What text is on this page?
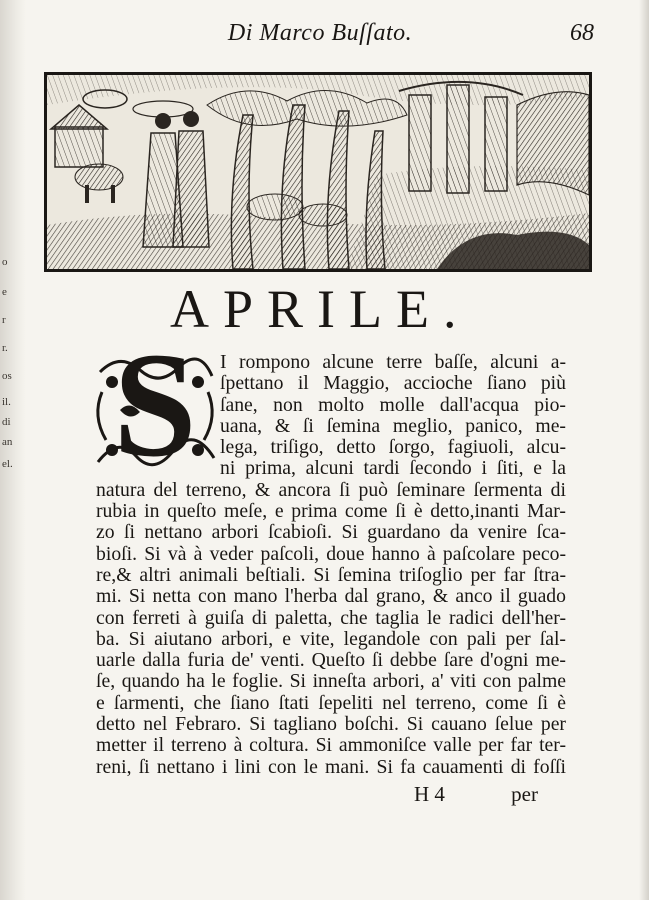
o
e
r
r.
os
il.
di
an
el.
Di Marco Buſſato.	68
APRILE.
S	I rompono alcune terre baſſe, alcuni a-
ſpettano il Maggio, accioche ſiano più
ſane, non molto molle dall'acqua pio-
uana, & ſi ſemina meglio, panico, me-
lega, triſigo, detto ſorgo, fagiuoli, alcu-
ni prima, alcuni tardi ſecondo i ſiti, e la
natura del terreno, & ancora ſi può ſeminare ſermenta di
rubia in queſto meſe, e prima come ſi è detto,inanti Mar-
zo ſi nettano arbori ſcabioſi. Si guardano da venire ſca-
bioſi. Si và à veder paſcoli, doue hanno à paſcolare peco-
re,& altri animali beſtiali. Si ſemina triſoglio per far ſtra-
mi. Si netta con mano l'herba dal grano, & anco il guado
con ferreti à guiſa di paletta, che taglia le radici dell'her-
ba. Si aiutano arbori, e vite, legandole con pali per ſal-
uarle dalla furia de' venti. Queſto ſi debbe ſare d'ogni me-
ſe, quando ha le foglie. Si inneſta arbori, a' viti con palme
e ſarmenti, che ſiano ſtati ſepeliti nel terreno, come ſi è
detto nel Febraro. Si tagliano boſchi. Si cauano ſelue per
metter il terreno à coltura. Si ammoniſce valle per far ter-
reni, ſi nettano i lini con le mani. Si fa cauamenti di foſſi
H 4	per
